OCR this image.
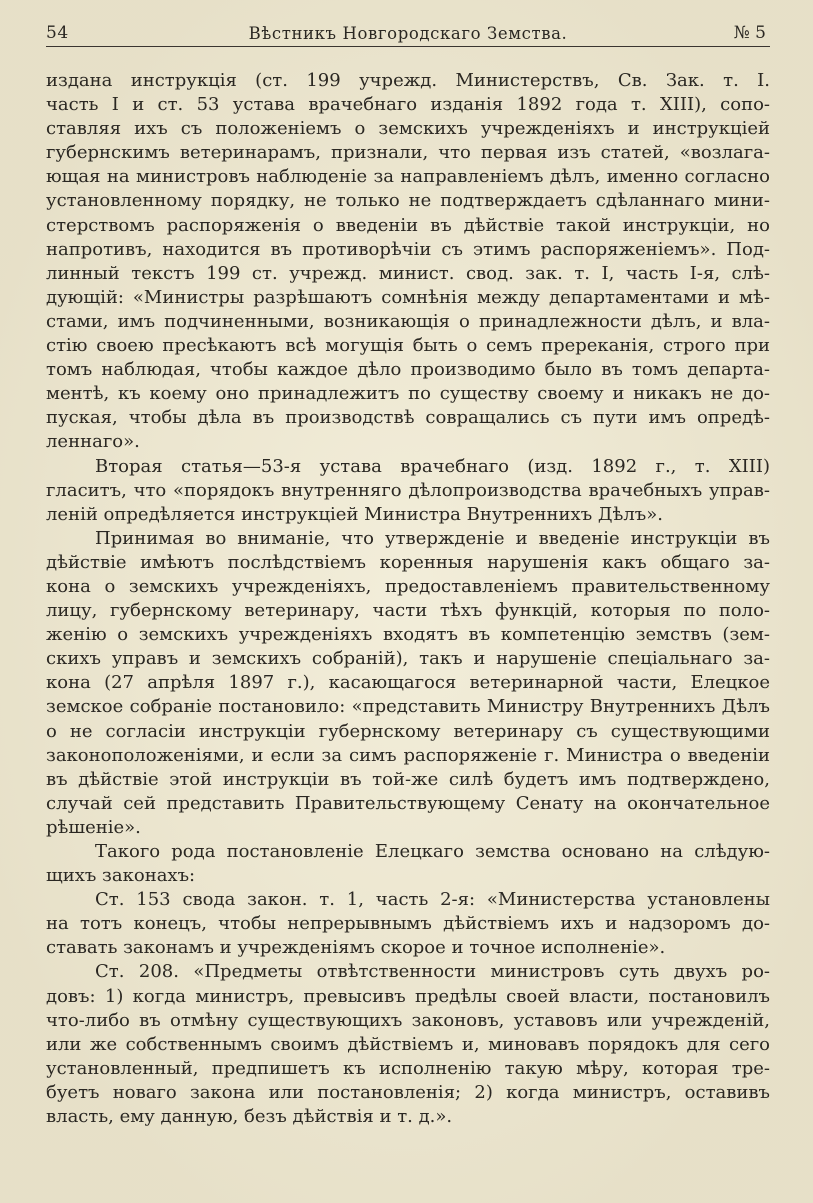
54	Вѣстникъ Новгородскаго Земства.	№ 5
издана инструкція (ст. 199 учрежд. Министерствъ, Св. Зак. т. I.
часть I и ст. 53 устава врачебнаго изданія 1892 года т. XIII), сопо-
ставляя ихъ съ положеніемъ о земскихъ учрежденіяхъ и инструкціей
губернскимъ ветеринарамъ, признали, что первая изъ статей, «возлага-
ющая на министровъ наблюденіе за направленіемъ дѣлъ, именно согласно
установленному порядку, не только не подтверждаетъ сдѣланнаго мини-
стерствомъ распоряженія о введеніи въ дѣйствіе такой инструкціи, но
напротивъ, находится въ противорѣчіи съ этимъ распоряженіемъ». Под-
линный текстъ 199 ст. учрежд. минист. свод. зак. т. I, часть I-я, слѣ-
дующій: «Министры разрѣшаютъ сомнѣнія между департаментами и мѣ-
стами, имъ подчиненными, возникающія о принадлежности дѣлъ, и вла-
стію своею пресѣкаютъ всѣ могущія быть о семъ пререканія, строго при
томъ наблюдая, чтобы каждое дѣло производимо было въ томъ департа-
ментѣ, къ коему оно принадлежитъ по существу своему и никакъ не до-
пуская, чтобы дѣла въ производствѣ совращались съ пути имъ опредѣ-
леннаго».
Вторая статья—53-я устава врачебнаго (изд. 1892 г., т. XIII)
гласитъ, что «порядокъ внутренняго дѣлопроизводства врачебныхъ управ-
леній опредѣляется инструкціей Министра Внутреннихъ Дѣлъ».
Принимая во вниманіе, что утвержденіе и введеніе инструкціи въ
дѣйствіе имѣютъ послѣдствіемъ коренныя нарушенія какъ общаго за-
кона о земскихъ учрежденіяхъ, предоставленіемъ правительственному
лицу, губернскому ветеринару, части тѣхъ функцій, которыя по поло-
женію о земскихъ учрежденіяхъ входятъ въ компетенцію земствъ (зем-
скихъ управъ и земскихъ собраній), такъ и нарушеніе спеціальнаго за-
кона (27 апрѣля 1897 г.), касающагося ветеринарной части, Елецкое
земское собраніе постановило: «представить Министру Внутреннихъ Дѣлъ
о не согласіи инструкціи губернскому ветеринару съ существующими
законоположеніями, и если за симъ распоряженіе г. Министра о введеніи
въ дѣйствіе этой инструкціи въ той-же силѣ будетъ имъ подтверждено,
случай сей представить Правительствующему Сенату на окончательное
рѣшеніе».
Такого рода постановленіе Елецкаго земства основано на слѣдую-
щихъ законахъ:
Ст. 153 свода закон. т. 1, часть 2-я: «Министерства установлены
на тотъ конецъ, чтобы непрерывнымъ дѣйствіемъ ихъ и надзоромъ до-
ставать законамъ и учрежденіямъ скорое и точное исполненіе».
Ст. 208. «Предметы отвѣтственности министровъ суть двухъ ро-
довъ: 1) когда министръ, превысивъ предѣлы своей власти, постановилъ
что-либо въ отмѣну существующихъ законовъ, уставовъ или учрежденій,
или же собственнымъ своимъ дѣйствіемъ и, миновавъ порядокъ для сего
установленный, предпишетъ къ исполненію такую мѣру, которая тре-
буетъ новаго закона или постановленія; 2) когда министръ, оставивъ
власть, ему данную, безъ дѣйствія и т. д.».
